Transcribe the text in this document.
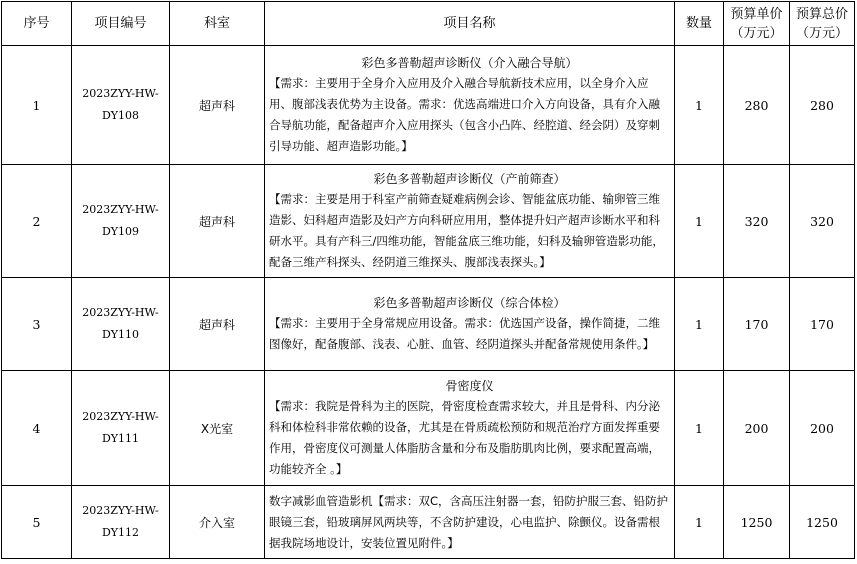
序号	项目编号	科室	项目名称	数量	预算单价（万元）	预算总价（万元）
1	2023ZYY-HW-DY108	超声科	彩色多普勒超声诊断仪（介入融合导航）
【需求：主要用于全身介入应用及介入融合导航新技术应用，以全身介入应用、腹部浅表优势为主设备。需求：优选高端进口介入方向设备，具有介入融合导航功能，配备超声介入应用探头（包含小凸阵、经腔道、经会阴）及穿刺引导功能、超声造影功能。】	1	280	280
2	2023ZYY-HW-DY109	超声科	彩色多普勒超声诊断仪（产前筛查）
【需求：主要是用于科室产前筛查疑难病例会诊、智能盆底功能、输卵管三维造影、妇科超声造影及妇产方向科研应用用，整体提升妇产超声诊断水平和科研水平。具有产科三/四维功能，智能盆底三维功能，妇科及输卵管造影功能，配备三维产科探头、经阴道三维探头、腹部浅表探头。】	1	320	320
3	2023ZYY-HW-DY110	超声科	彩色多普勒超声诊断仪（综合体检）
【需求：主要用于全身常规应用设备。需求：优选国产设备，操作简捷，二维图像好，配备腹部、浅表、心脏、血管、经阴道探头并配备常规使用条件。】	1	170	170
4	2023ZYY-HW-DY111	X光室	骨密度仪
【需求：我院是骨科为主的医院，骨密度检查需求较大，并且是骨科、内分泌科和体检科非常依赖的设备，尤其是在骨质疏松预防和规范治疗方面发挥重要作用，骨密度仪可测量人体脂肪含量和分布及脂肪肌肉比例，要求配置高端，功能较齐全 。】	1	200	200
5	2023ZYY-HW-DY112	介入室	数字减影血管造影机【需求：双C，含高压注射器一套，铅防护服三套、铅防护眼镜三套，铅玻璃屏风两块等，不含防护建设，心电监护、除颤仪。设备需根据我院场地设计，安装位置见附件。】	1	1250	1250
